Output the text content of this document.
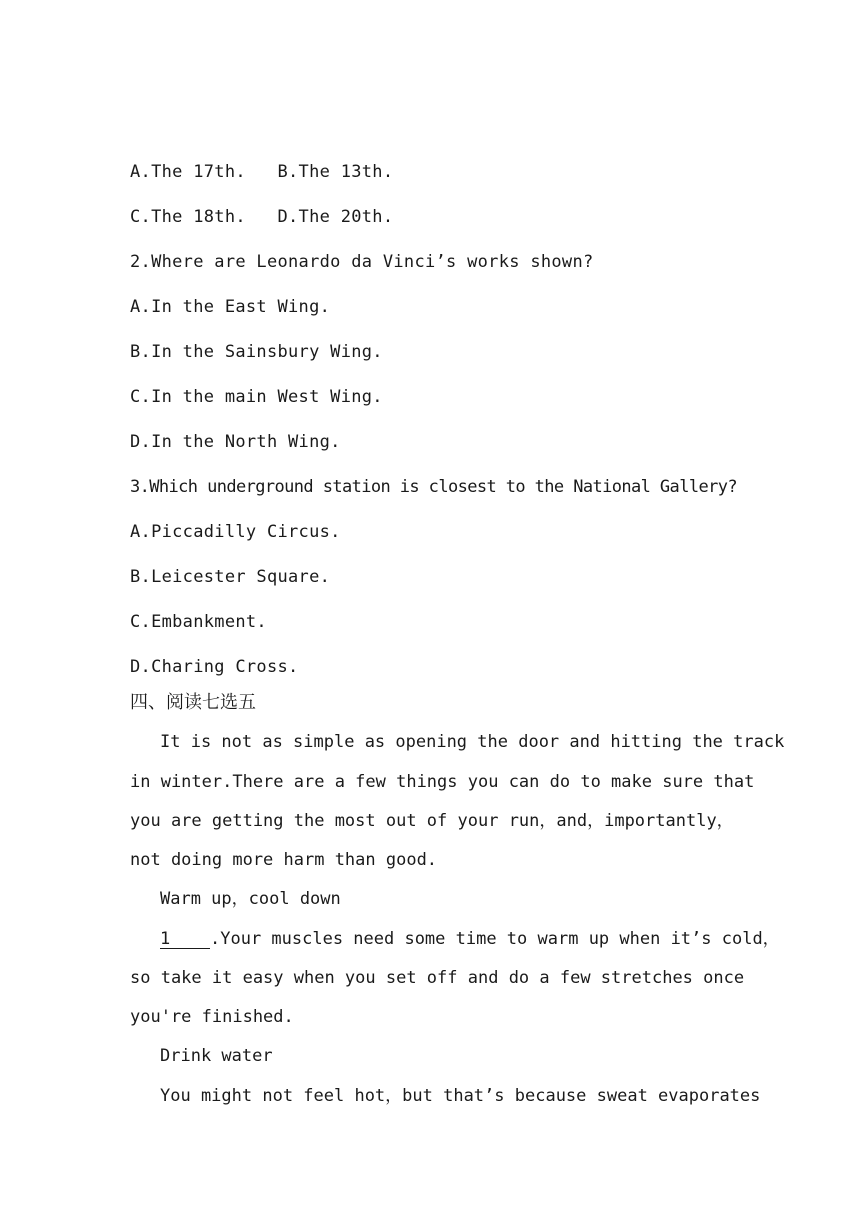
A.The 17th.   B.The 13th.
C.The 18th.   D.The 20th.
2.Where are Leonardo da Vinci’s works shown?
A.In the East Wing.
B.In the Sainsbury Wing.
C.In the main West Wing.
D.In the North Wing.
3.Which underground station is closest to the National Gallery?
A.Piccadilly Circus.
B.Leicester Square.
C.Embankment.
D.Charing Cross.
四、阅读七选五
It is not as simple as opening the door and hitting the track
in winter.There are a few things you can do to make sure that
you are getting the most out of your run，and，importantly，
not doing more harm than good.
Warm up，cool down
1 .Your muscles need some time to warm up when it’s cold，
so take it easy when you set off and do a few stretches once
you're finished.
Drink water
You might not feel hot，but that’s because sweat evaporates
